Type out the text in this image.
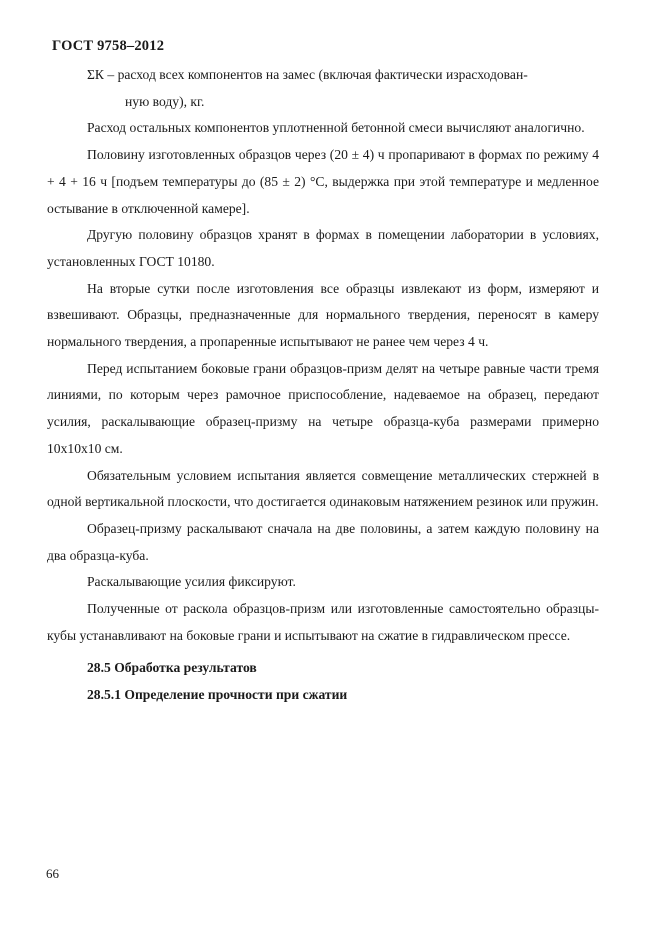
ГОСТ 9758–2012

ΣК – расход всех компонентов на замес (включая фактически израсходован-
ную воду), кг.

Расход остальных компонентов уплотненной бетонной смеси вычисляют аналогично.

Половину изготовленных образцов через (20 ± 4) ч пропаривают в формах по режиму 4 + 4 + 16 ч [подъем температуры до (85 ± 2) °С, выдержка при этой температуре и медленное остывание в отключенной камере].

Другую половину образцов хранят в формах в помещении лаборатории в условиях, установленных ГОСТ 10180.

На вторые сутки после изготовления все образцы извлекают из форм, измеряют и взвешивают. Образцы, предназначенные для нормального твердения, переносят в камеру нормального твердения, а пропаренные испытывают не ранее чем через 4 ч.

Перед испытанием боковые грани образцов-призм делят на четыре равные части тремя линиями, по которым через рамочное приспособление, надеваемое на образец, передают усилия, раскалывающие образец-призму на четыре образца-куба размерами примерно 10x10x10 см.

Обязательным условием испытания является совмещение металлических стержней в одной вертикальной плоскости, что достигается одинаковым натяжением резинок или пружин.

Образец-призму раскалывают сначала на две половины, а затем каждую половину на два образца-куба.

Раскалывающие усилия фиксируют.

Полученные от раскола образцов-призм или изготовленные самостоятельно образцы-кубы устанавливают на боковые грани и испытывают на сжатие в гидравлическом прессе.

28.5 Обработка результатов

28.5.1 Определение прочности при сжатии

66
